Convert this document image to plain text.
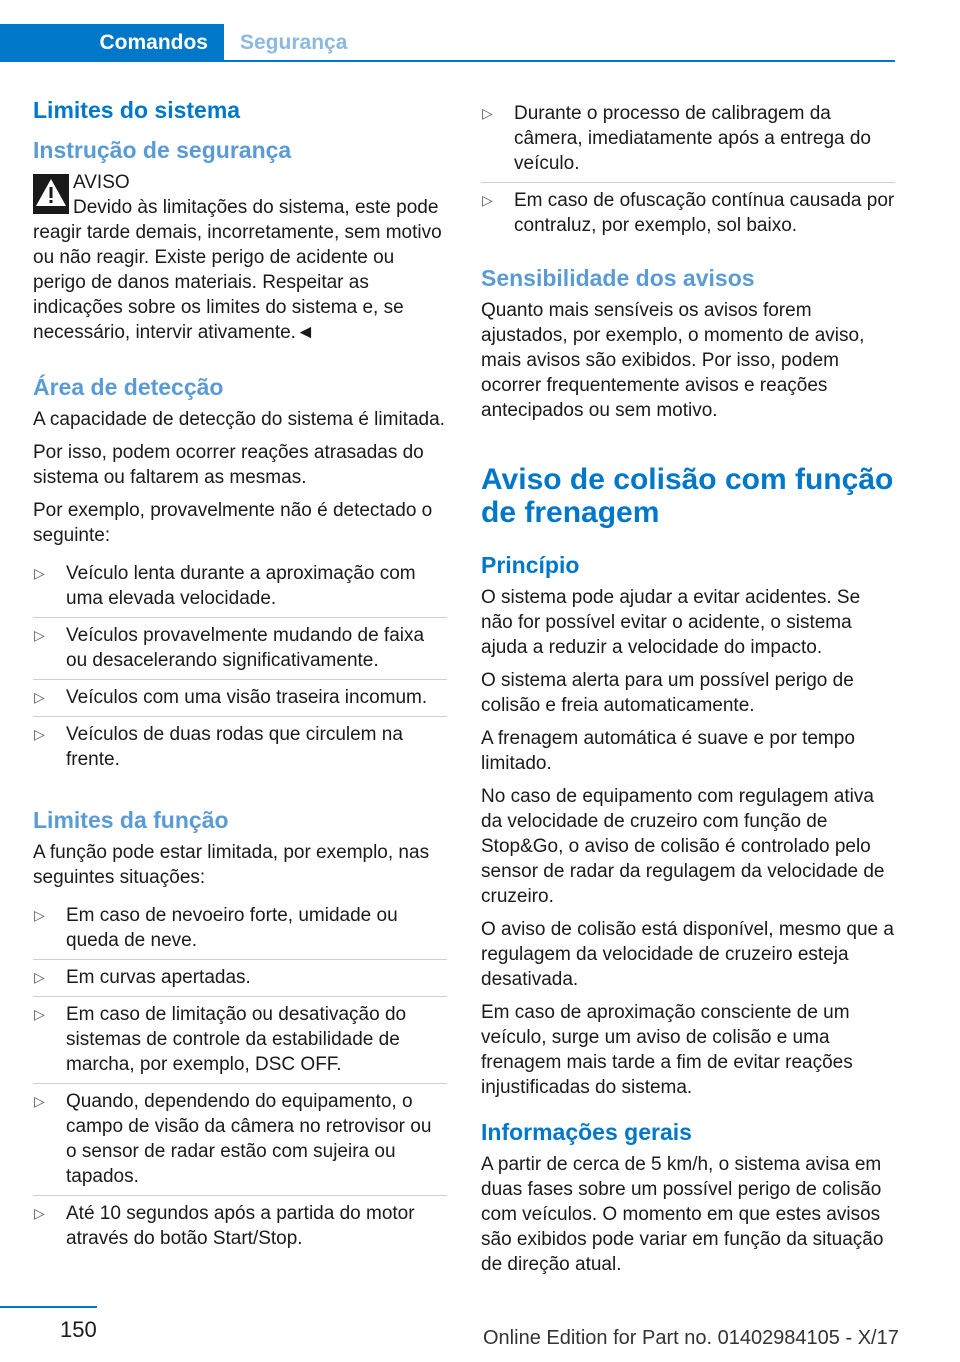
Comandos	Segurança
Limites do sistema
Instrução de segurança
AVISO
Devido às limitações do sistema, este pode reagir tarde demais, incorretamente, sem motivo ou não reagir. Existe perigo de acidente ou perigo de danos materiais. Respeitar as indicações sobre os limites do sistema e, se necessário, intervir ativamente.◄
Área de detecção

A capacidade de detecção do sistema é limitada.

Por isso, podem ocorrer reações atrasadas do sistema ou faltarem as mesmas.

Por exemplo, provavelmente não é detectado o seguinte:

▷ Veículo lenta durante a aproximação com uma elevada velocidade.
▷ Veículos provavelmente mudando de faixa ou desacelerando significativamente.
▷ Veículos com uma visão traseira incomum.
▷ Veículos de duas rodas que circulem na frente.
Limites da função

A função pode estar limitada, por exemplo, nas seguintes situações:

▷ Em caso de nevoeiro forte, umidade ou queda de neve.
▷ Em curvas apertadas.
▷ Em caso de limitação ou desativação do sistemas de controle da estabilidade de marcha, por exemplo, DSC OFF.
▷ Quando, dependendo do equipamento, o campo de visão da câmera no retrovisor ou o sensor de radar estão com sujeira ou tapados.
▷ Até 10 segundos após a partida do motor através do botão Start/Stop.
▷ Durante o processo de calibragem da câmera, imediatamente após a entrega do veículo.
▷ Em caso de ofuscação contínua causada por contraluz, por exemplo, sol baixo.
Sensibilidade dos avisos

Quanto mais sensíveis os avisos forem ajustados, por exemplo, o momento de aviso, mais avisos são exibidos. Por isso, podem ocorrer frequentemente avisos e reações antecipados ou sem motivo.

Aviso de colisão com função de frenagem
Princípio

O sistema pode ajudar a evitar acidentes. Se não for possível evitar o acidente, o sistema ajuda a reduzir a velocidade do impacto.

O sistema alerta para um possível perigo de colisão e freia automaticamente.

A frenagem automática é suave e por tempo limitado.

No caso de equipamento com regulagem ativa da velocidade de cruzeiro com função de Stop&Go, o aviso de colisão é controlado pelo sensor de radar da regulagem da velocidade de cruzeiro.

O aviso de colisão está disponível, mesmo que a regulagem da velocidade de cruzeiro esteja desativada.

Em caso de aproximação consciente de um veículo, surge um aviso de colisão e uma frenagem mais tarde a fim de evitar reações injustificadas do sistema.

Informações gerais

A partir de cerca de 5 km/h, o sistema avisa em duas fases sobre um possível perigo de colisão com veículos. O momento em que estes avisos são exibidos pode variar em função da situação de direção atual.

150	Online Edition for Part no. 01402984105 - X/17
